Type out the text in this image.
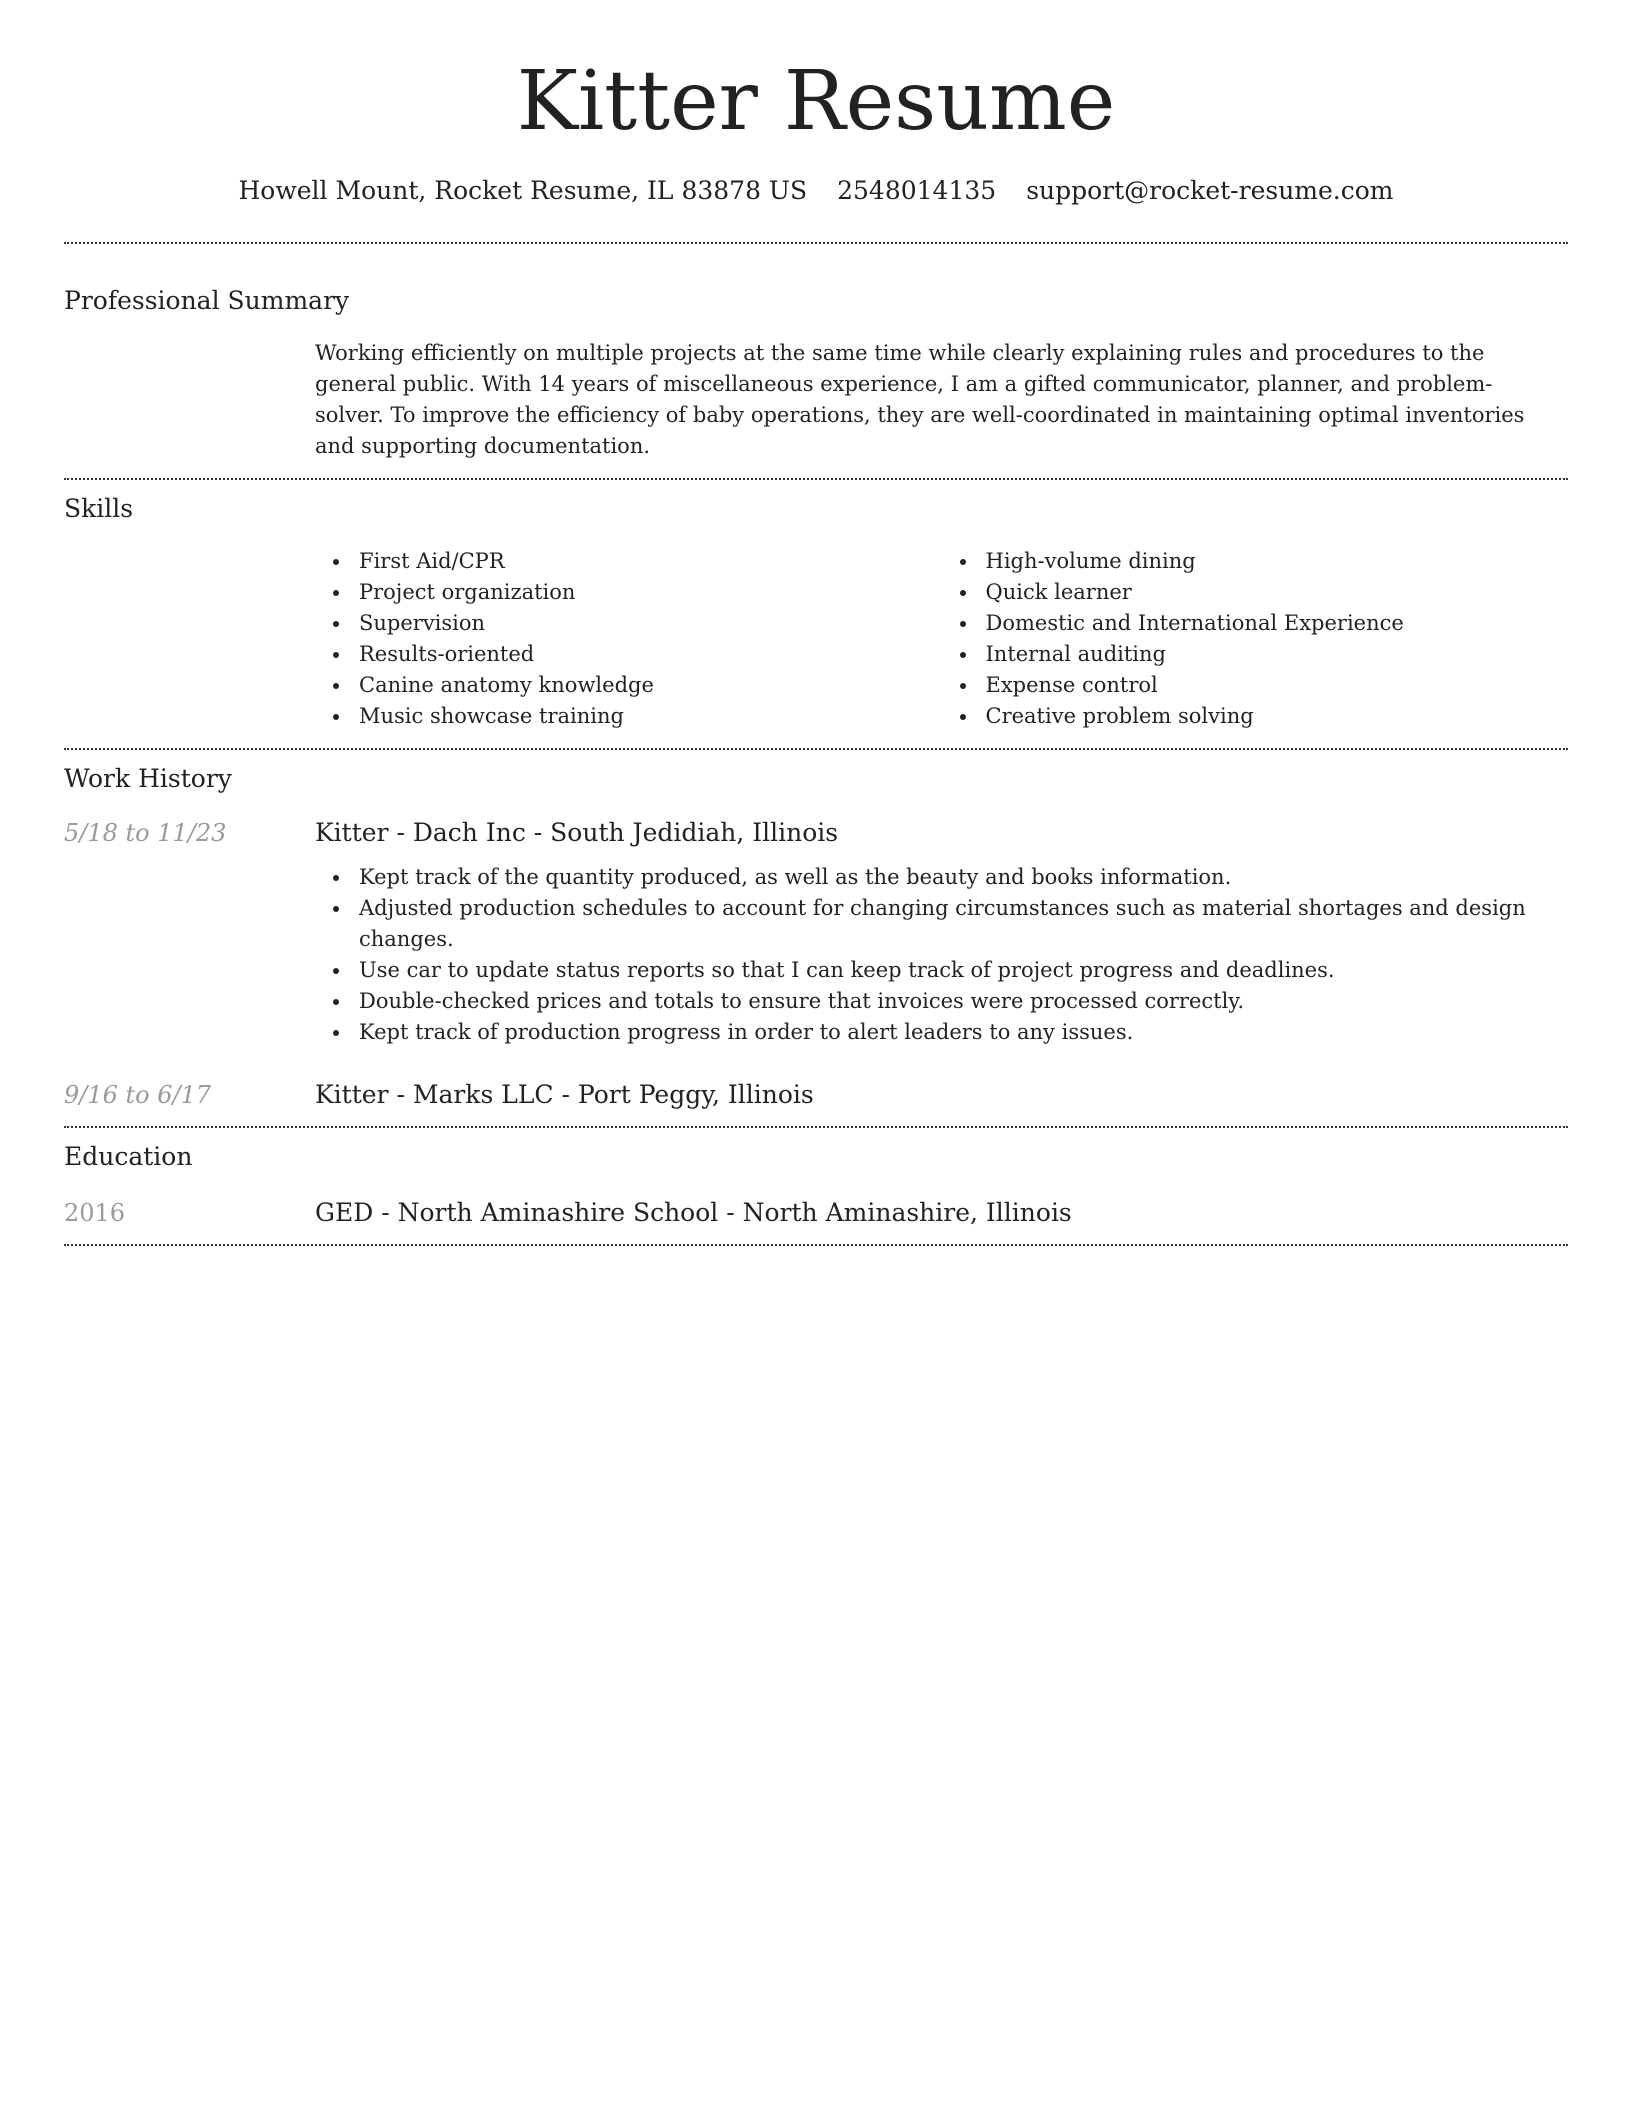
Kitter Resume
Howell Mount, Rocket Resume, IL 83878 US 2548014135 support@rocket-resume.com
Professional Summary
Working efficiently on multiple projects at the same time while clearly explaining rules and procedures to the general public. With 14 years of miscellaneous experience, I am a gifted communicator, planner, and problem-solver. To improve the efficiency of baby operations, they are well-coordinated in maintaining optimal inventories and supporting documentation.
Skills
First Aid/CPR
Project organization
Supervision
Results-oriented
Canine anatomy knowledge
Music showcase training
High-volume dining
Quick learner
Domestic and International Experience
Internal auditing
Expense control
Creative problem solving
Work History
5/18 to 11/23	Kitter - Dach Inc - South Jedidiah, Illinois
Kept track of the quantity produced, as well as the beauty and books information.
Adjusted production schedules to account for changing circumstances such as material shortages and design changes.
Use car to update status reports so that I can keep track of project progress and deadlines.
Double-checked prices and totals to ensure that invoices were processed correctly.
Kept track of production progress in order to alert leaders to any issues.
9/16 to 6/17	Kitter - Marks LLC - Port Peggy, Illinois
Education
2016	GED - North Aminashire School - North Aminashire, Illinois
